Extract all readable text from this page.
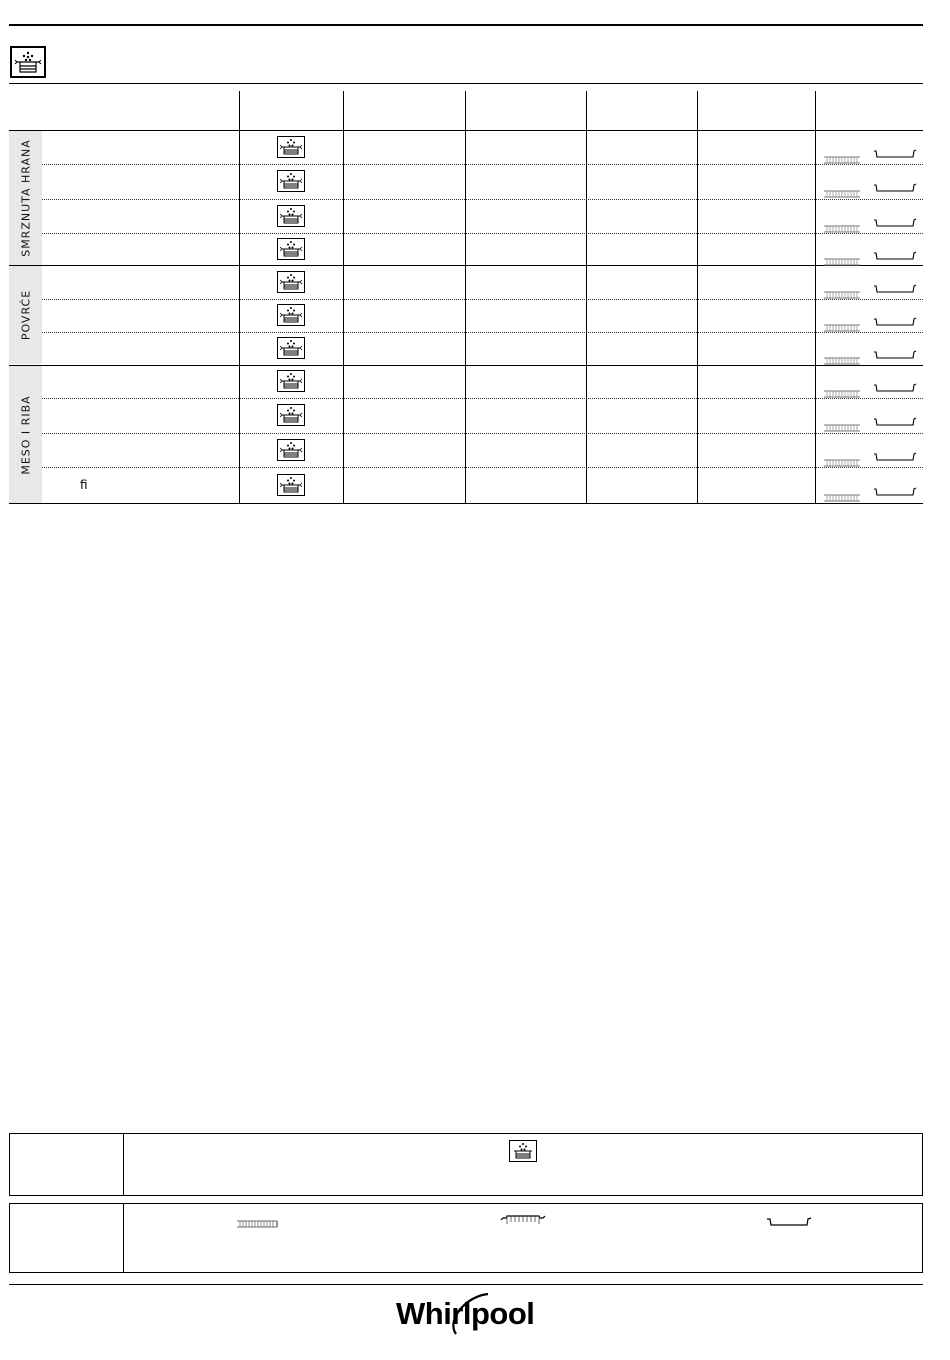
SMRZNUTA HRANA
POVRĆE
MESO I RIBA
ﬁ
Whirlpool
